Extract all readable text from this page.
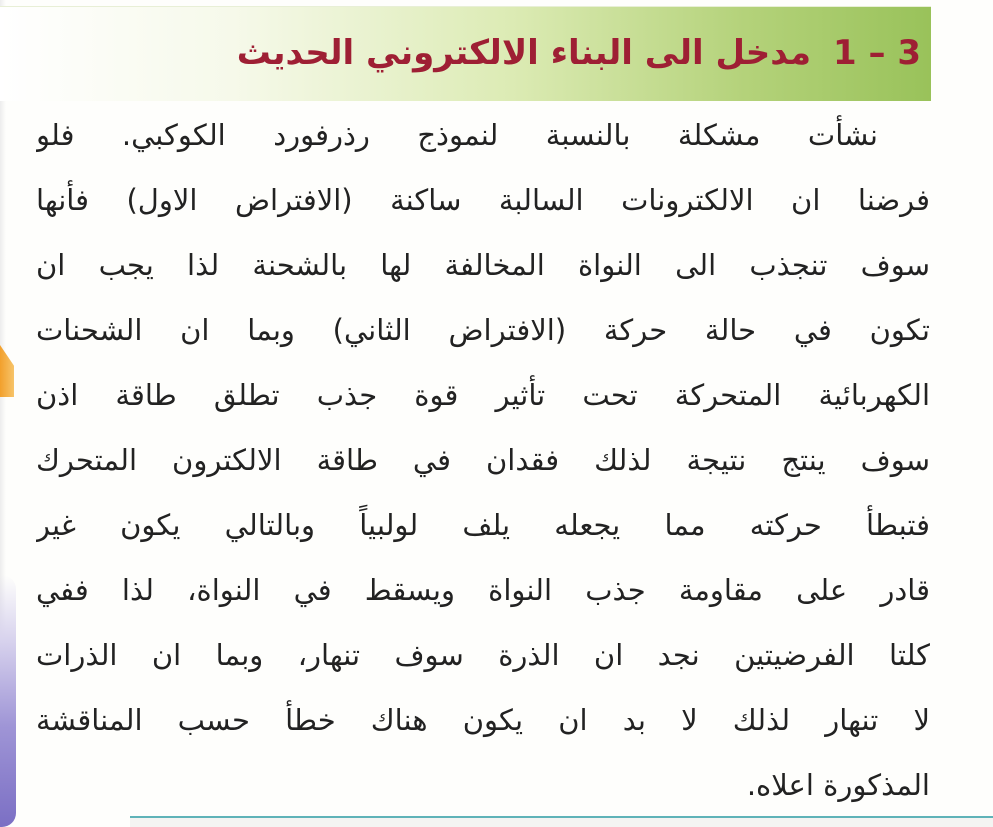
1 – 3مدخل الى البناء الالكتروني الحديث
نشأت مشكلة بالنسبة لنموذج رذرفورد الكوكبي. فلو
فرضنا ان الالكترونات السالبة ساكنة (الافتراض الاول) فأنها
سوف تنجذب الى النواة المخالفة لها بالشحنة لذا يجب ان
تكون في حالة حركة (الافتراض الثاني) وبما ان الشحنات
الكهربائية المتحركة تحت تأثير قوة جذب تطلق طاقة اذن
سوف ينتج نتيجة لذلك فقدان في طاقة الالكترون المتحرك
فتبطأ حركته مما يجعله يلف لولبياً وبالتالي يكون غير
قادر على مقاومة جذب النواة ويسقط في النواة، لذا ففي
كلتا الفرضيتين نجد ان الذرة سوف تنهار، وبما ان الذرات
لا تنهار لذلك لا بد ان يكون هناك خطأ حسب المناقشة
المذكورة اعلاه.
